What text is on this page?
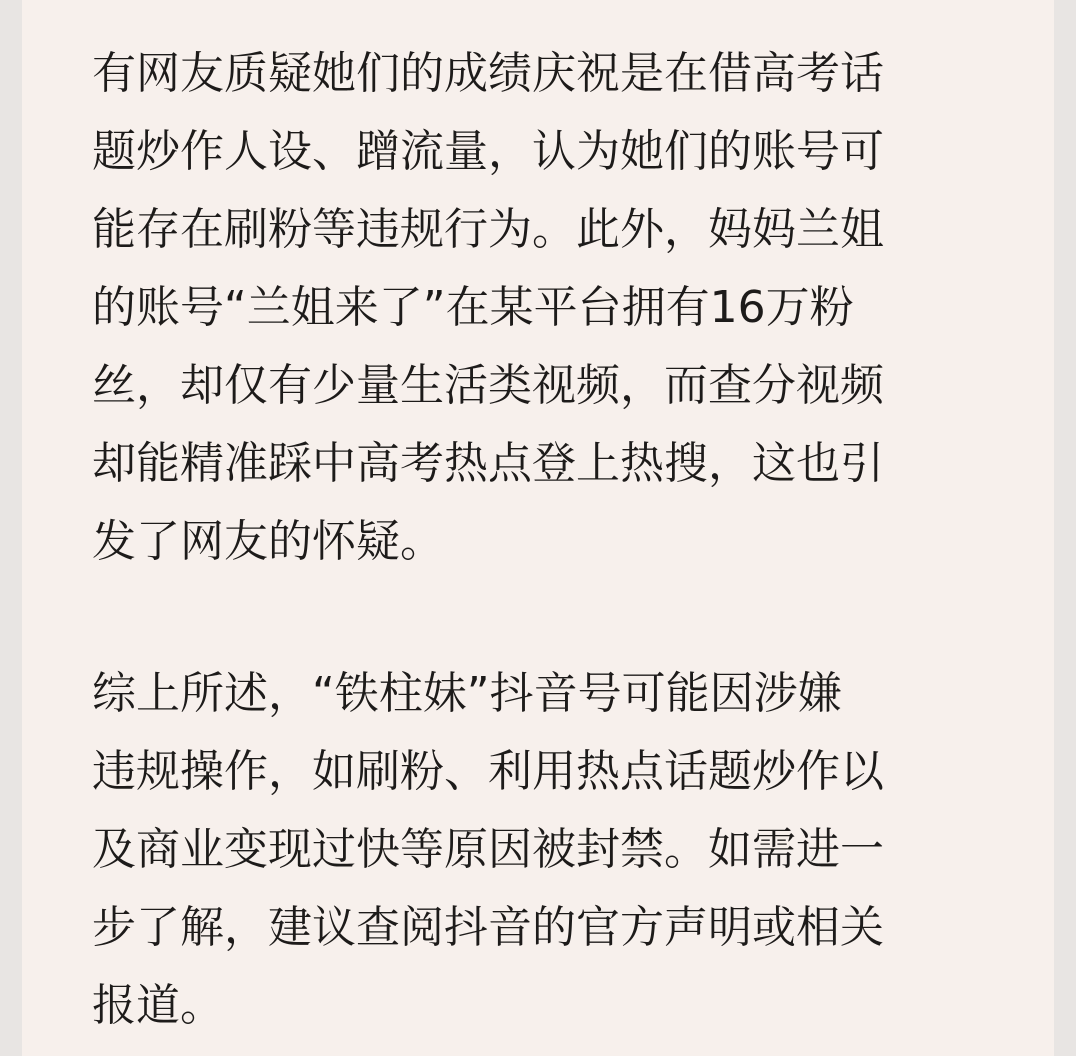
有网友质疑她们的成绩庆祝是在借高考话
题炒作人设、蹭流量，认为她们的账号可
能存在刷粉等违规行为。此外，妈妈兰姐
的账号“兰姐来了”在某平台拥有16万粉
丝，却仅有少量生活类视频，而查分视频
却能精准踩中高考热点登上热搜，这也引
发了网友的怀疑。

综上所述，“铁柱妹”抖音号可能因涉嫌
违规操作，如刷粉、利用热点话题炒作以
及商业变现过快等原因被封禁。如需进一
步了解，建议查阅抖音的官方声明或相关
报道。
